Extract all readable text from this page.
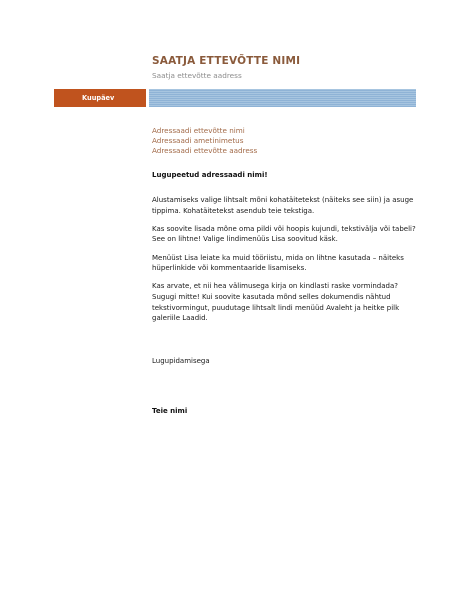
SAATJA ETTEVÕTTE NIMI
Saatja ettevõtte aadress
Kuupäev
Adressaadi ettevõtte nimi
Adressaadi ametinimetus
Adressaadi ettevõtte aadress
Lugupeetud adressaadi nimi!

Alustamiseks valige lihtsalt mõni kohatäitetekst (näiteks see siin) ja asuge tippima. Kohatäitetekst asendub teie tekstiga.

Kas soovite lisada mõne oma pildi või hoopis kujundi, tekstivälja või tabeli? See on lihtne! Valige lindimenüüs Lisa soovitud käsk.

Menüüst Lisa leiate ka muid tööriistu, mida on lihtne kasutada – näiteks hüperlinkide või kommentaaride lisamiseks.

Kas arvate, et nii hea välimusega kirja on kindlasti raske vormindada? Sugugi mitte! Kui soovite kasutada mõnd selles dokumendis nähtud tekstivormingut, puudutage lihtsalt lindi menüüd Avaleht ja heitke pilk galeriile Laadid.

Lugupidamisega
Teie nimi
